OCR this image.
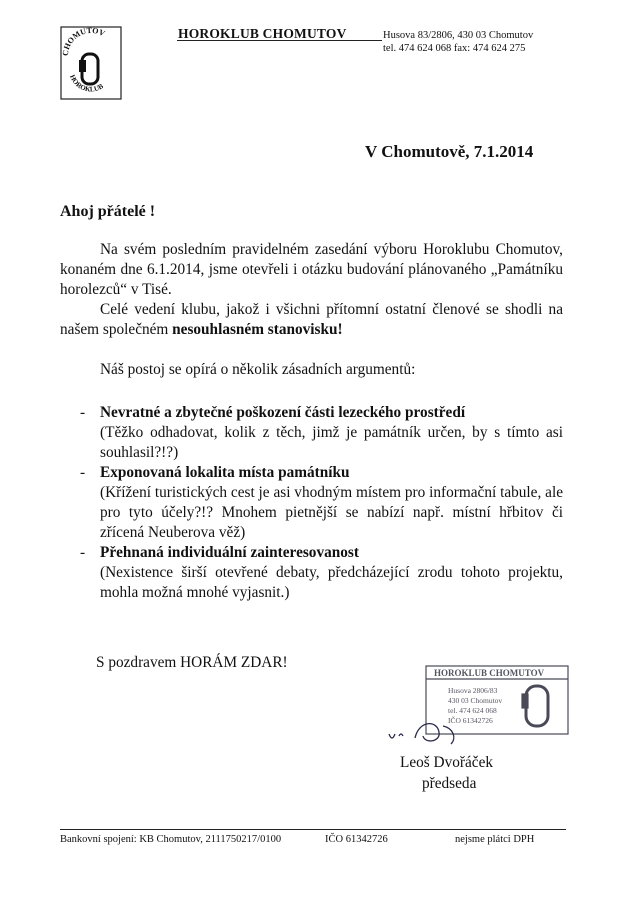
CHOMUTOV
HOROKLUB
HOROKLUB CHOMUTOV	Husova 83/2806, 430 03 Chomutov
tel. 474 624 068 fax: 474 624 275
V Chomutově, 7.1.2014
Ahoj přátelé !

Na svém posledním pravidelném zasedání výboru Horoklubu Chomutov, konaném dne 6.1.2014, jsme otevřeli i otázku budování plánovaného „Památníku horolezců“ v Tisé.

Celé vedení klubu, jakož i všichni přítomní ostatní členové se shodli na našem společném nesouhlasném stanovisku!

Náš postoj se opírá o několik zásadních argumentů:

- Nevratné a zbytečné poškození části lezeckého prostředí
(Těžko odhadovat, kolik z těch, jimž je památník určen, by s tímto asi souhlasil?!?)
- Exponovaná lokalita místa památníku
(Křížení turistických cest je asi vhodným místem pro informační tabule, ale pro tyto účely?!? Mnohem pietnější se nabízí např. místní hřbitov či zřícená Neuberova věž)
- Přehnaná individuální zainteresovanost
(Nexistence širší otevřené debaty, předcházející zrodu tohoto projektu, mohla možná mnohé vyjasnit.)
S pozdravem HORÁM ZDAR!
HOROKLUB CHOMUTOV
Husova 2806/83
430 03 Chomutov
tel. 474 624 068
IČO 61342726
Leoš Dvořáček
předseda
Bankovní spojení: KB Chomutov, 2111750217/0100	IČO 61342726	nejsme plátci DPH
